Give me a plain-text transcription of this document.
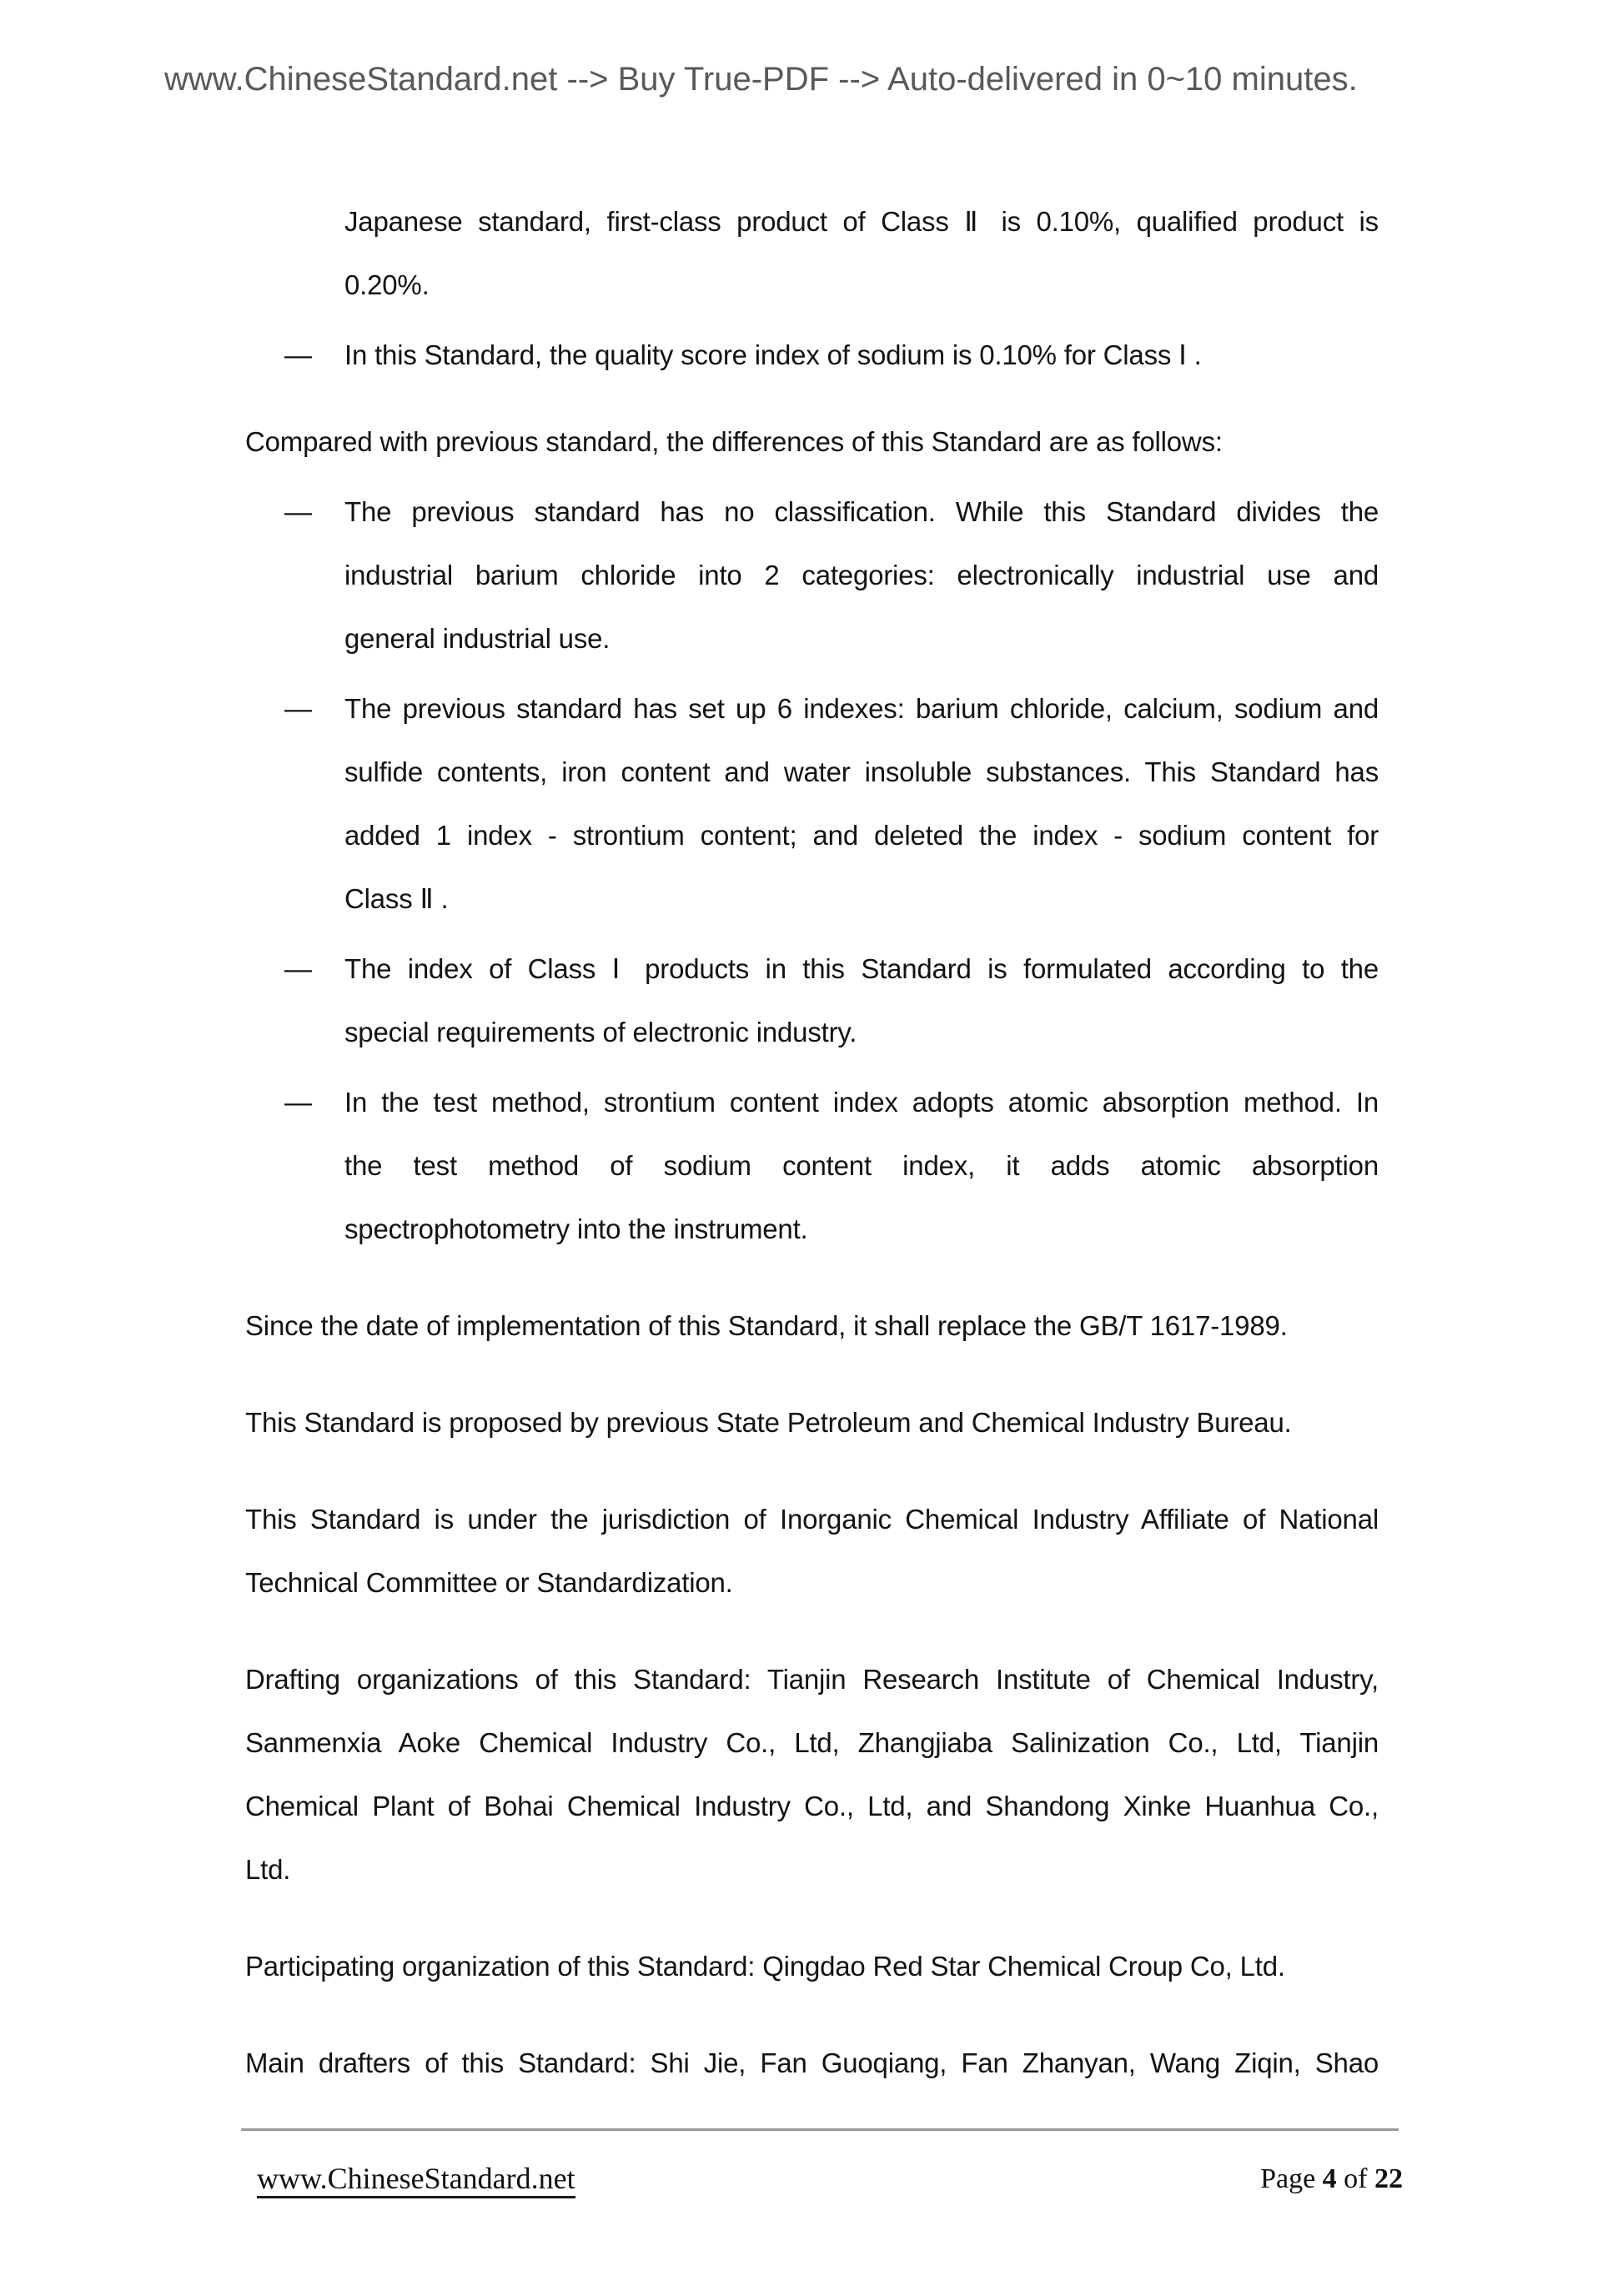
www.ChineseStandard.net --> Buy True-PDF --> Auto-delivered in 0~10 minutes.
Japanese standard, first-class product of Class Ⅱ is 0.10%, qualified product is
0.20%.
— In this Standard, the quality score index of sodium is 0.10% for Class Ⅰ .
Compared with previous standard, the differences of this Standard are as follows:
— The previous standard has no classification. While this Standard divides the
industrial barium chloride into 2 categories: electronically industrial use and
general industrial use.
— The previous standard has set up 6 indexes: barium chloride, calcium, sodium and
sulfide contents, iron content and water insoluble substances. This Standard has
added 1 index - strontium content; and deleted the index - sodium content for
Class Ⅱ .
— The index of Class Ⅰ products in this Standard is formulated according to the
special requirements of electronic industry.
— In the test method, strontium content index adopts atomic absorption method. In
the test method of sodium content index, it adds atomic absorption
spectrophotometry into the instrument.
Since the date of implementation of this Standard, it shall replace the GB/T 1617-1989.
This Standard is proposed by previous State Petroleum and Chemical Industry Bureau.
This Standard is under the jurisdiction of Inorganic Chemical Industry Affiliate of National
Technical Committee or Standardization.
Drafting organizations of this Standard: Tianjin Research Institute of Chemical Industry,
Sanmenxia Aoke Chemical Industry Co., Ltd, Zhangjiaba Salinization Co., Ltd, Tianjin
Chemical Plant of Bohai Chemical Industry Co., Ltd, and Shandong Xinke Huanhua Co.,
Ltd.
Participating organization of this Standard: Qingdao Red Star Chemical Croup Co, Ltd.
Main drafters of this Standard: Shi Jie, Fan Guoqiang, Fan Zhanyan, Wang Ziqin, Shao
www.ChineseStandard.net	Page 4 of 22
